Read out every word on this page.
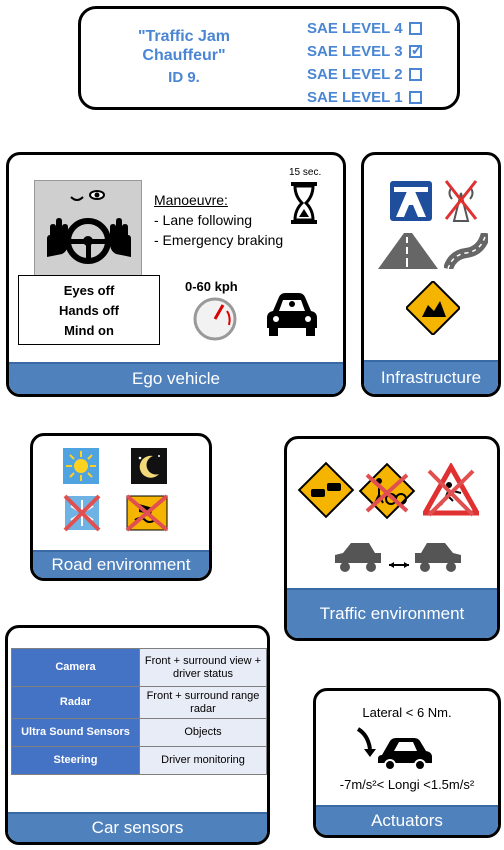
"Traffic Jam Chauffeur"
ID 9.
SAE LEVEL 4
SAE LEVEL 3
✓
SAE LEVEL 2
SAE LEVEL 1
Manoeuvre:
- Lane following
- Emergency braking
15 sec.
Eyes off
Hands off
Mind on
0-60 kph
Ego vehicle	Infrastructure
Road environment
Traffic environment
Camera	Front + surround view + driver status
Radar	Front + surround range radar
Ultra Sound Sensors	Objects
Steering	Driver monitoring
Car sensors
Lateral < 6 Nm.
-7m/s²< Longi <1.5m/s²
Actuators
